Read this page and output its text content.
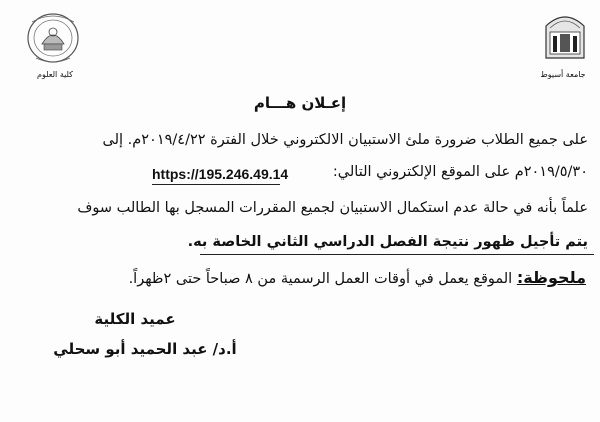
كلية العلوم	جامعة أسيوط
إعـلان هـــام
على جميع الطلاب ضرورة ملئ الاستبيان الالكتروني خلال الفترة ٢٠١٩/٤/٢٢م. إلى
٢٠١٩/٥/٣٠م على الموقع الإلكتروني التالي:
https://195.246.49.14
علماً بأنه في حالة عدم استكمال الاستبيان لجميع المقررات المسجل بها الطالب سوف
يتم تأجيل ظهور نتيجة الفصل الدراسي الثاني الخاصة به.
ملحوظة: الموقع يعمل في أوقات العمل الرسمية من ٨ صباحاً حتى ٢ظهراً.
عميد الكلية
أ.د/ عبد الحميد أبو سحلي
